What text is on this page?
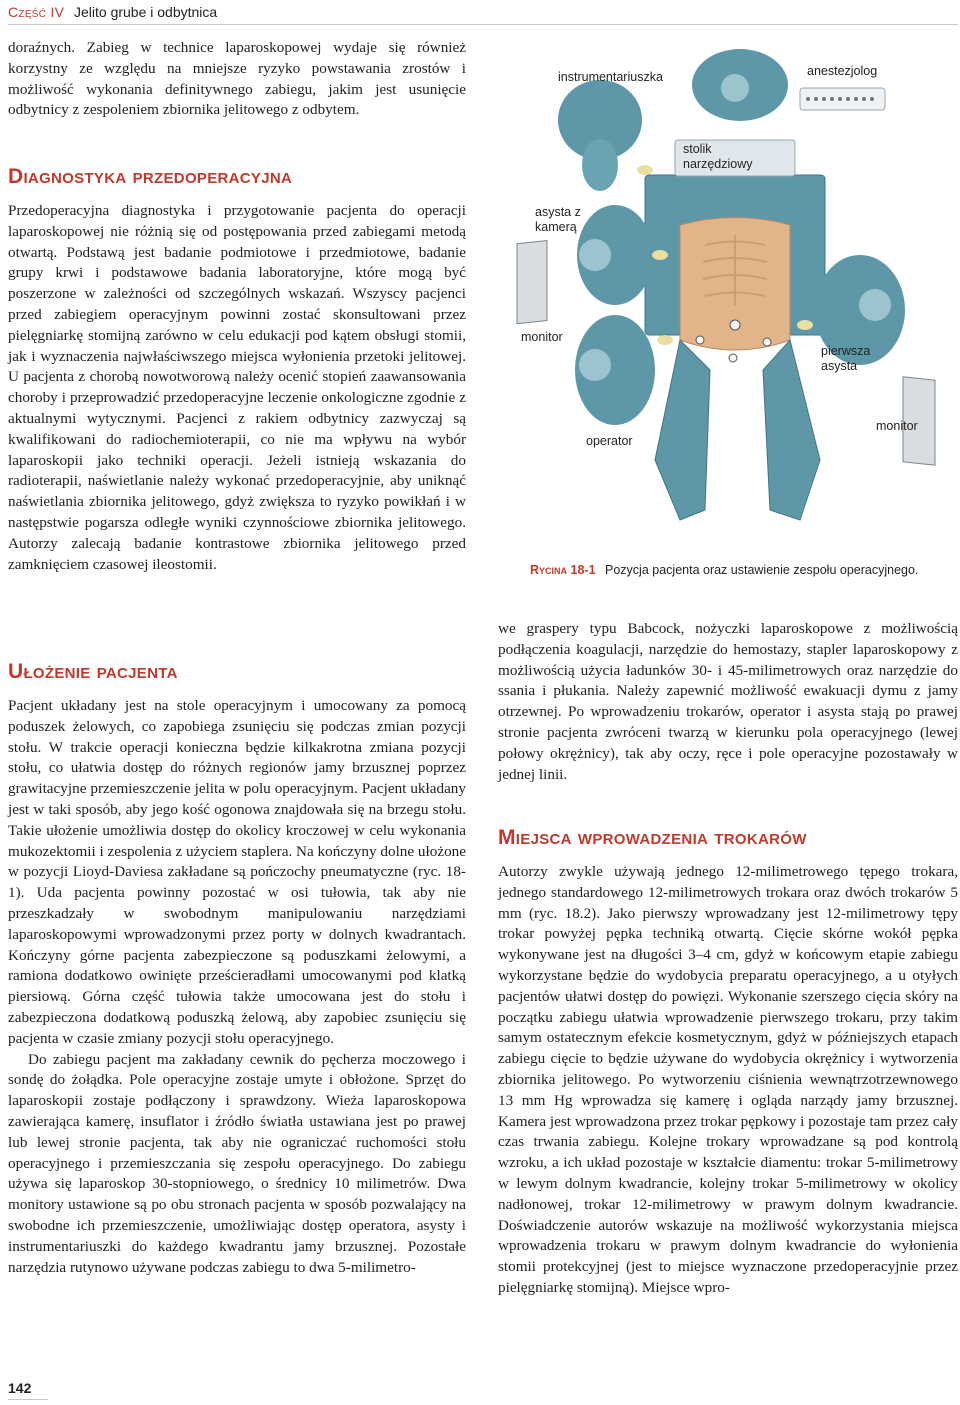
Część IV Jelito grube i odbytnica

doraźnych. Zabieg w technice laparoskopowej wydaje się również korzystny ze względu na mniejsze ryzyko powstawania zrostów i możliwość wykonania definitywnego zabiegu, jakim jest usunięcie odbytnicy z zespoleniem zbiornika jelitowego z odbytem.

Diagnostyka przedoperacyjna

Przedoperacyjna diagnostyka i przygotowanie pacjenta do operacji laparoskopowej nie różnią się od postępowania przed zabiegami metodą otwartą. Podstawą jest badanie podmiotowe i przedmiotowe, badanie grupy krwi i podstawowe badania laboratoryjne, które mogą być poszerzone w zależności od szczególnych wskazań. Wszyscy pacjenci przed zabiegiem operacyjnym powinni zostać skonsultowani przez pielęgniarkę stomijną zarówno w celu edukacji pod kątem obsługi stomii, jak i wyznaczenia najwłaściwszego miejsca wyłonienia przetoki jelitowej. U pacjenta z chorobą nowotworową należy ocenić stopień zaawansowania choroby i przeprowadzić przedoperacyjne leczenie onkologiczne zgodnie z aktualnymi wytycznymi. Pacjenci z rakiem odbytnicy zazwyczaj są kwalifikowani do radiochemioterapii, co nie ma wpływu na wybór laparoskopii jako techniki operacji. Jeżeli istnieją wskazania do radioterapii, naświetlanie należy wykonać przedoperacyjnie, aby uniknąć naświetlania zbiornika jelitowego, gdyż zwiększa to ryzyko powikłań i w następstwie pogarsza odległe wyniki czynnościowe zbiornika jelitowego. Autorzy zalecają badanie kontrastowe zbiornika jelitowego przed zamknięciem czasowej ileostomii.

Ułożenie pacjenta

Pacjent układany jest na stole operacyjnym i umocowany za pomocą poduszek żelowych, co zapobiega zsunięciu się podczas zmian pozycji stołu. W trakcie operacji konieczna będzie kilkakrotna zmiana pozycji stołu, co ułatwia dostęp do różnych regionów jamy brzusznej poprzez grawitacyjne przemieszczenie jelita w polu operacyjnym. Pacjent układany jest w taki sposób, aby jego kość ogonowa znajdowała się na brzegu stołu. Takie ułożenie umożliwia dostęp do okolicy kroczowej w celu wykonania mukozektomii i zespolenia z użyciem staplera. Na kończyny dolne ułożone w pozycji Lioyd-Daviesa zakładane są pończochy pneumatyczne (ryc. 18-1). Uda pacjenta powinny pozostać w osi tułowia, tak aby nie przeszkadzały w swobodnym manipulowaniu narzędziami laparoskopowymi wprowadzonymi przez porty w dolnych kwadrantach. Kończyny górne pacjenta zabezpieczone są poduszkami żelowymi, a ramiona dodatkowo owinięte prześcieradłami umocowanymi pod klatką piersiową. Górna część tułowia także umocowana jest do stołu i zabezpieczona dodatkową poduszką żelową, aby zapobiec zsunięciu się pacjenta w czasie zmiany pozycji stołu operacyjnego.

Do zabiegu pacjent ma zakładany cewnik do pęcherza moczowego i sondę do żołądka. Pole operacyjne zostaje umyte i obłożone. Sprzęt do laparoskopii zostaje podłączony i sprawdzony. Wieża laparoskopowa zawierająca kamerę, insuflator i źródło światła ustawiana jest po prawej lub lewej stronie pacjenta, tak aby nie ograniczać ruchomości stołu operacyjnego i przemieszczania się zespołu operacyjnego. Do zabiegu używa się laparoskop 30-stopniowego, o średnicy 10 milimetrów. Dwa monitory ustawione są po obu stronach pacjenta w sposób pozwalający na swobodne ich przemieszczenie, umożliwiając dostęp operatora, asysty i instrumentariuszki do każdego kwadrantu jamy brzusznej. Pozostałe narzędzia rutynowo używane podczas zabiegu to dwa 5-milimetro-

instrumentariuszka	anestezjolog
stolik narzędziowy
asysta z kamerą
monitor
pierwsza asysta
monitor
operator
Rycina 18-1 Pozycja pacjenta oraz ustawienie zespołu operacyjnego.

we graspery typu Babcock, nożyczki laparoskopowe z możliwością podłączenia koagulacji, narzędzie do hemostazy, stapler laparoskopowy z możliwością użycia ładunków 30- i 45-milimetrowych oraz narzędzie do ssania i płukania. Należy zapewnić możliwość ewakuacji dymu z jamy otrzewnej. Po wprowadzeniu trokarów, operator i asysta stają po prawej stronie pacjenta zwróceni twarzą w kierunku pola operacyjnego (lewej połowy okrężnicy), tak aby oczy, ręce i pole operacyjne pozostawały w jednej linii.

Miejsca wprowadzenia trokarów

Autorzy zwykle używają jednego 12-milimetrowego tępego trokara, jednego standardowego 12-milimetrowych trokara oraz dwóch trokarów 5 mm (ryc. 18.2). Jako pierwszy wprowadzany jest 12-milimetrowy tępy trokar powyżej pępka techniką otwartą. Cięcie skórne wokół pępka wykonywane jest na długości 3–4 cm, gdyż w końcowym etapie zabiegu wykorzystane będzie do wydobycia preparatu operacyjnego, a u otyłych pacjentów ułatwi dostęp do powięzi. Wykonanie szerszego cięcia skóry na początku zabiegu ułatwia wprowadzenie pierwszego trokaru, przy takim samym ostatecznym efekcie kosmetycznym, gdyż w późniejszych etapach zabiegu cięcie to będzie używane do wydobycia okrężnicy i wytworzenia zbiornika jelitowego. Po wytworzeniu ciśnienia wewnątrzotrzewnowego 13 mm Hg wprowadza się kamerę i ogląda narządy jamy brzusznej. Kamera jest wprowadzona przez trokar pępkowy i pozostaje tam przez cały czas trwania zabiegu. Kolejne trokary wprowadzane są pod kontrolą wzroku, a ich układ pozostaje w kształcie diamentu: trokar 5-milimetrowy w lewym dolnym kwadrancie, kolejny trokar 5-milimetrowy w okolicy nadłonowej, trokar 12-milimetrowy w prawym dolnym kwadrancie. Doświadczenie autorów wskazuje na możliwość wykorzystania miejsca wprowadzenia trokaru w prawym dolnym kwadrancie do wyłonienia stomii protekcyjnej (jest to miejsce wyznaczone przedoperacyjnie przez pielęgniarkę stomijną). Miejsce wpro-

142
